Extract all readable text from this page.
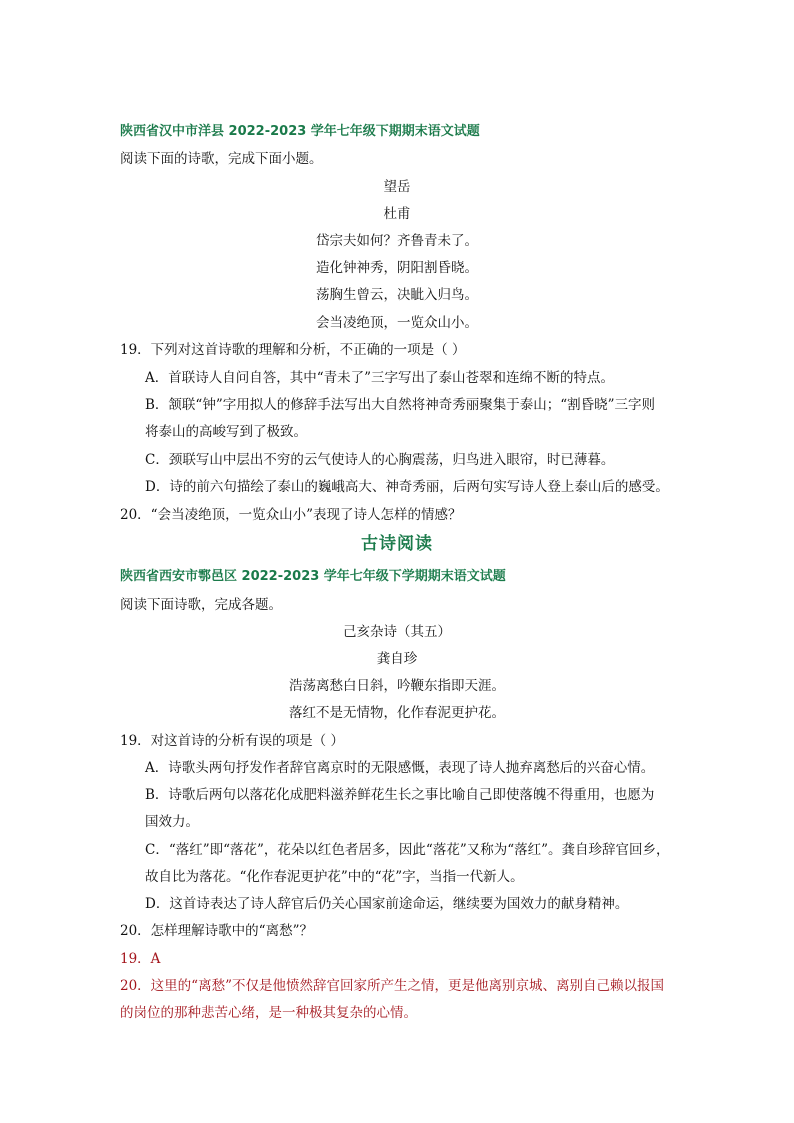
陕西省汉中市洋县 2022-2023 学年七年级下期期末语文试题
阅读下面的诗歌，完成下面小题。
望岳
杜甫
岱宗夫如何？齐鲁青未了。
造化钟神秀，阴阳割昏晓。
荡胸生曾云，决眦入归鸟。
会当凌绝顶，一览众山小。
19．下列对这首诗歌的理解和分析，不正确的一项是（ ）
A．首联诗人自问自答，其中“青未了”三字写出了泰山苍翠和连绵不断的特点。
B．颔联“钟”字用拟人的修辞手法写出大自然将神奇秀丽聚集于泰山；“割昏晓”三字则
将泰山的高峻写到了极致。
C．颈联写山中层出不穷的云气使诗人的心胸震荡，归鸟进入眼帘，时已薄暮。
D．诗的前六句描绘了泰山的巍峨高大、神奇秀丽，后两句实写诗人登上泰山后的感受。
20．“会当凌绝顶，一览众山小”表现了诗人怎样的情感？
古诗阅读
陕西省西安市鄠邑区 2022-2023 学年七年级下学期期末语文试题
阅读下面诗歌，完成各题。
己亥杂诗（其五）
龚自珍
浩荡离愁白日斜，吟鞭东指即天涯。
落红不是无情物，化作春泥更护花。
19．对这首诗的分析有误的项是（ ）
A．诗歌头两句抒发作者辞官离京时的无限感慨，表现了诗人抛弃离愁后的兴奋心情。
B．诗歌后两句以落花化成肥料滋养鲜花生长之事比喻自己即使落魄不得重用，也愿为
国效力。
C．“落红”即“落花”，花朵以红色者居多，因此“落花”又称为“落红”。龚自珍辞官回乡，
故自比为落花。“化作春泥更护花”中的“花”字，当指一代新人。
D．这首诗表达了诗人辞官后仍关心国家前途命运，继续要为国效力的献身精神。
20．怎样理解诗歌中的“离愁”？
19．A
20．这里的“离愁”不仅是他愤然辞官回家所产生之情，更是他离别京城、离别自己赖以报国
的岗位的那种悲苦心绪，是一种极其复杂的心情。
